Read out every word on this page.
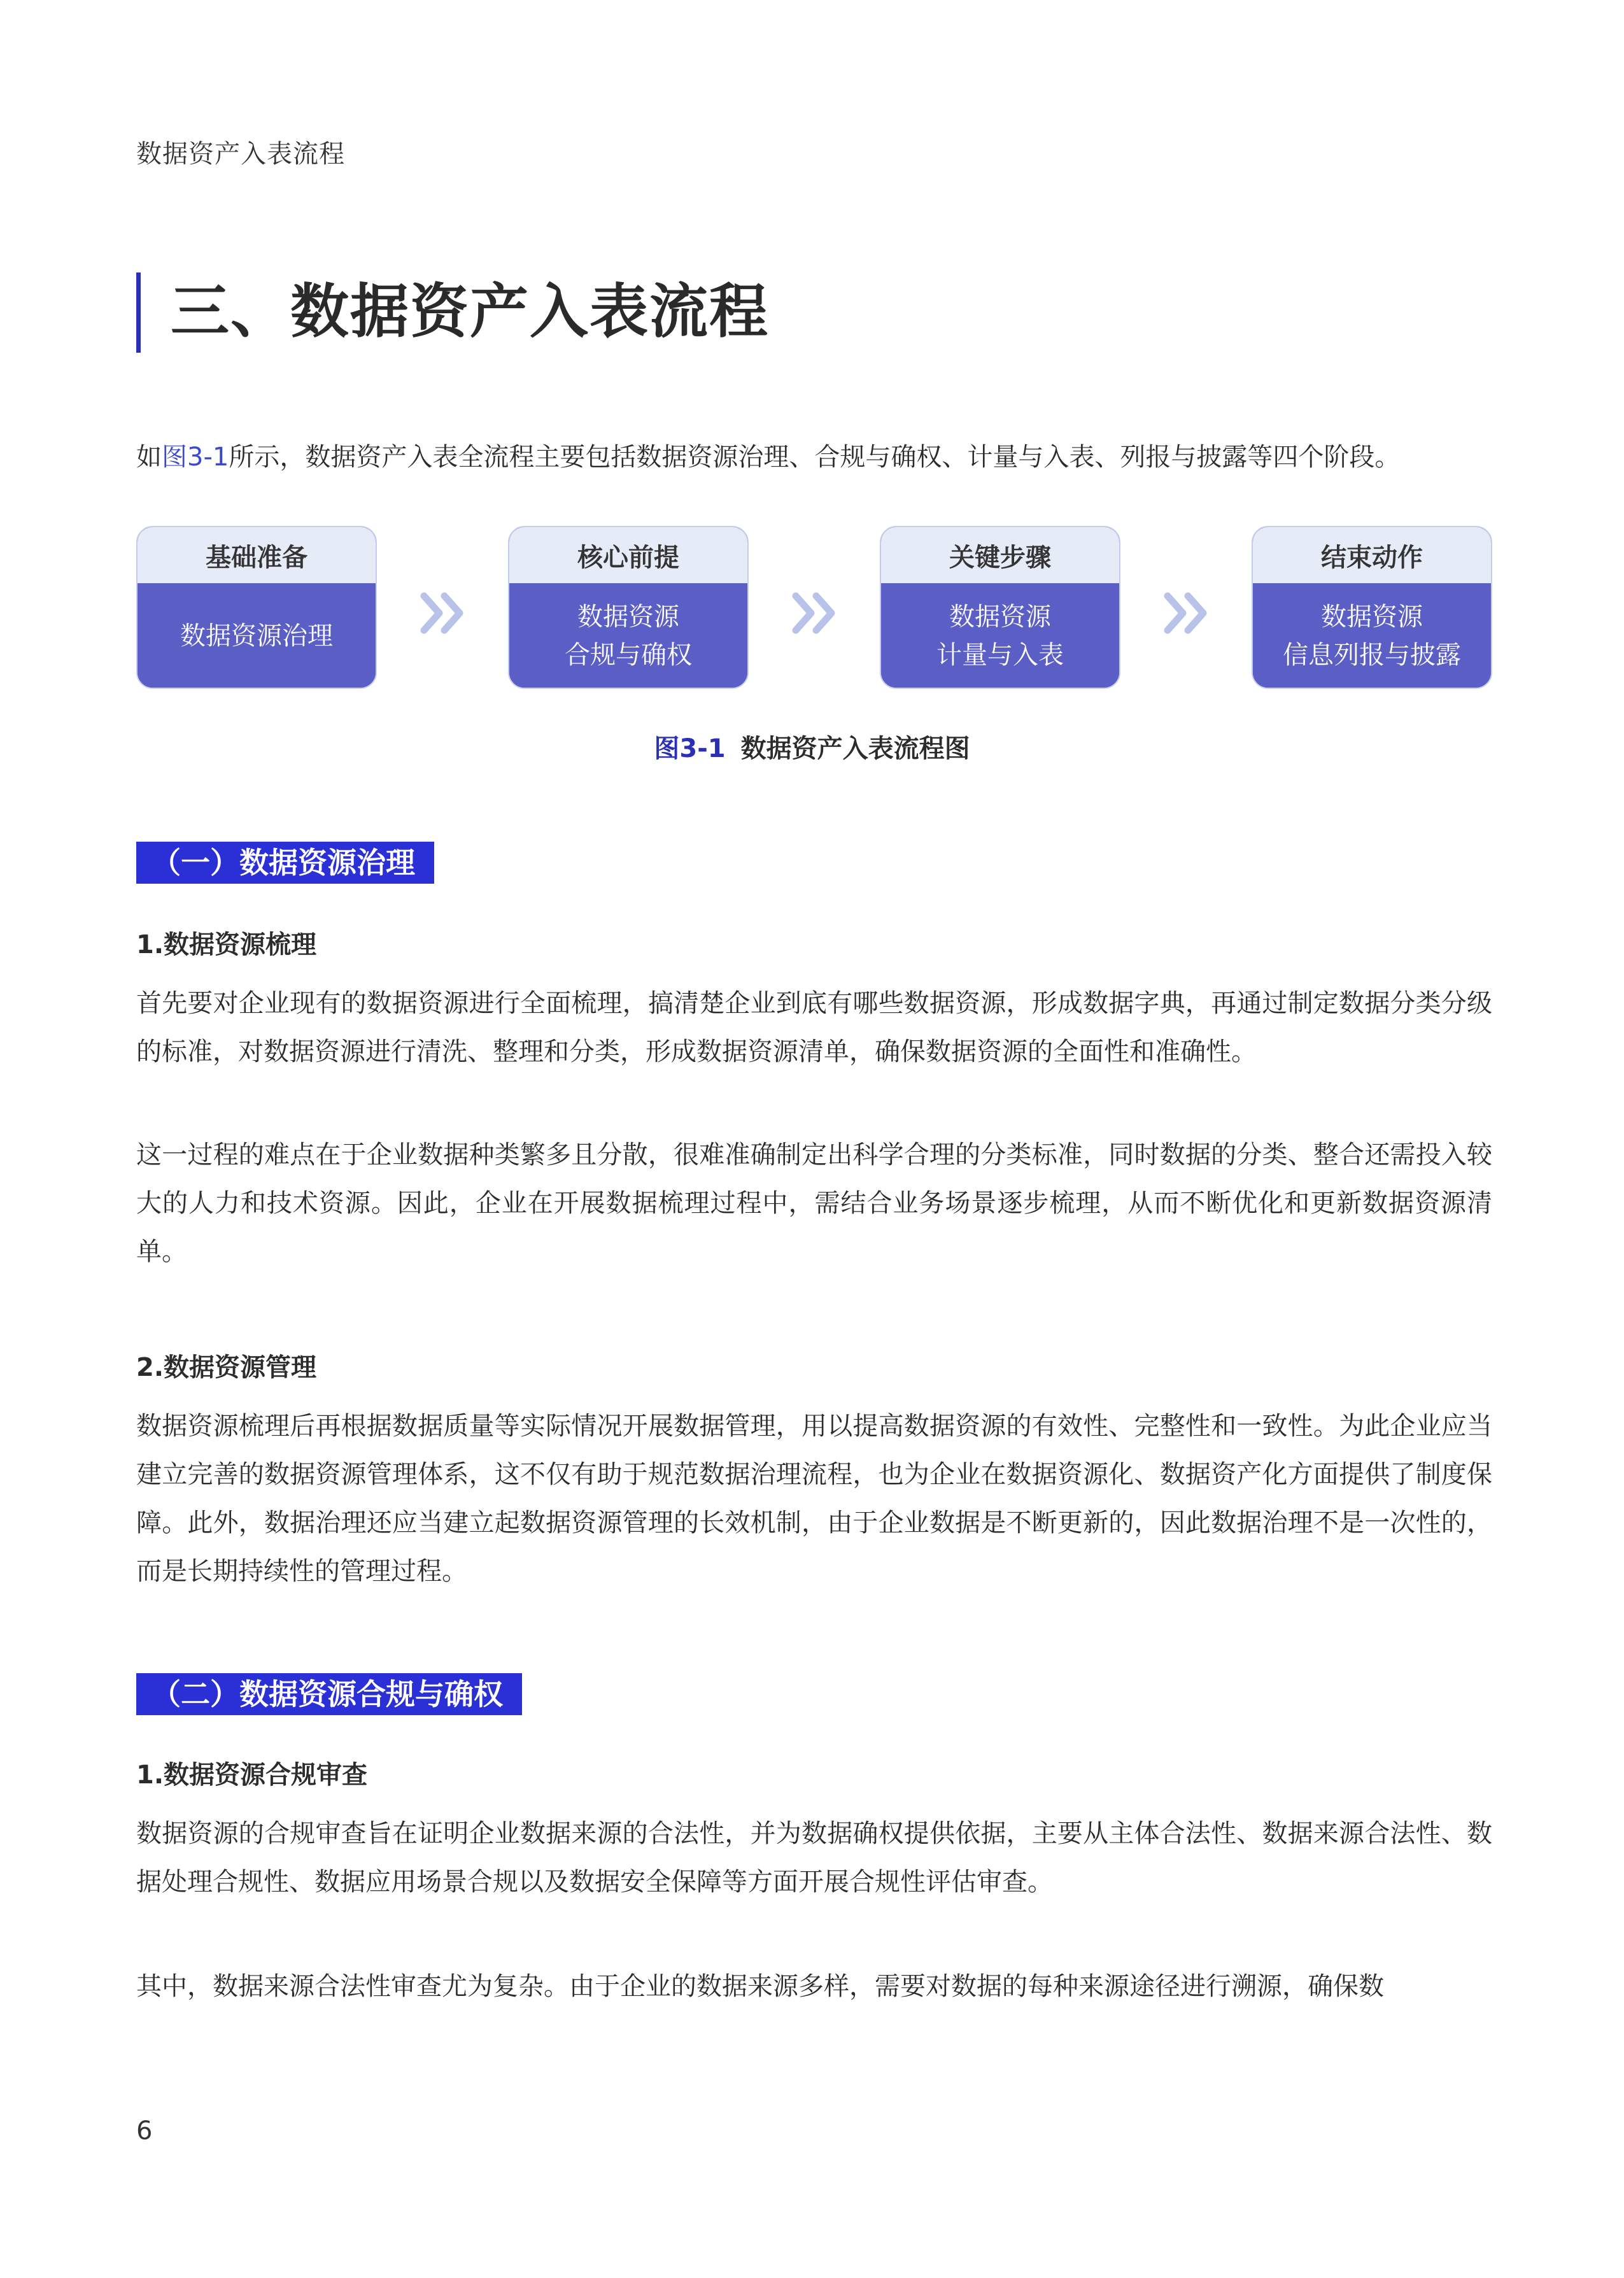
数据资产入表流程
三、数据资产入表流程
如图3-1所示，数据资产入表全流程主要包括数据资源治理、合规与确权、计量与入表、列报与披露等四个阶段。
基础准备
数据资源治理
核心前提
数据资源
合规与确权
关键步骤
数据资源
计量与入表
结束动作
数据资源
信息列报与披露
图3-1 数据资产入表流程图
（一）数据资源治理
1.数据资源梳理
首先要对企业现有的数据资源进行全面梳理，搞清楚企业到底有哪些数据资源，形成数据字典，再通过制定数据分类分级的标准，对数据资源进行清洗、整理和分类，形成数据资源清单，确保数据资源的全面性和准确性。
这一过程的难点在于企业数据种类繁多且分散，很难准确制定出科学合理的分类标准，同时数据的分类、整合还需投入较大的人力和技术资源。因此，企业在开展数据梳理过程中，需结合业务场景逐步梳理，从而不断优化和更新数据资源清单。
2.数据资源管理
数据资源梳理后再根据数据质量等实际情况开展数据管理，用以提高数据资源的有效性、完整性和一致性。为此企业应当建立完善的数据资源管理体系，这不仅有助于规范数据治理流程，也为企业在数据资源化、数据资产化方面提供了制度保障。此外，数据治理还应当建立起数据资源管理的长效机制，由于企业数据是不断更新的，因此数据治理不是一次性的，而是长期持续性的管理过程。
（二）数据资源合规与确权
1.数据资源合规审查
数据资源的合规审查旨在证明企业数据来源的合法性，并为数据确权提供依据，主要从主体合法性、数据来源合法性、数据处理合规性、数据应用场景合规以及数据安全保障等方面开展合规性评估审查。
其中，数据来源合法性审查尤为复杂。由于企业的数据来源多样，需要对数据的每种来源途径进行溯源，确保数
6
